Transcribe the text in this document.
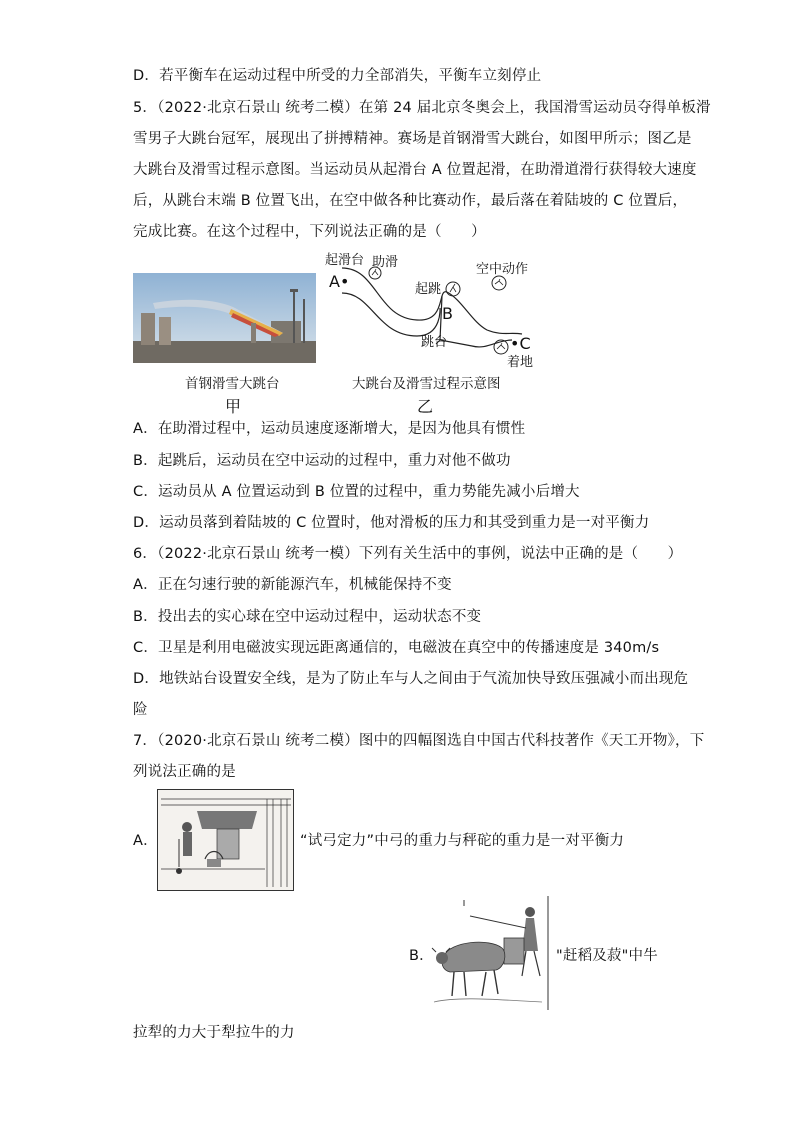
D．若平衡车在运动过程中所受的力全部消失，平衡车立刻停止
5．（2022·北京石景山 统考二模）在第 24 届北京冬奥会上，我国滑雪运动员夺得单板滑
雪男子大跳台冠军，展现出了拼搏精神。赛场是首钢滑雪大跳台，如图甲所示；图乙是
大跳台及滑雪过程示意图。当运动员从起滑台 A 位置起滑，在助滑道滑行获得较大速度
后，从跳台末端 B 位置飞出，在空中做各种比赛动作，最后落在着陆坡的 C 位置后，
完成比赛。在这个过程中，下列说法正确的是（　　）
首钢滑雪大跳台
甲
起滑台 助滑
A•	起跳
空中动作
B
跳台	•C
着地
大跳台及滑雪过程示意图
乙
A．在助滑过程中，运动员速度逐渐增大，是因为他具有惯性
B．起跳后，运动员在空中运动的过程中，重力对他不做功
C．运动员从 A 位置运动到 B 位置的过程中，重力势能先减小后增大
D．运动员落到着陆坡的 C 位置时，他对滑板的压力和其受到重力是一对平衡力
6．（2022·北京石景山 统考一模）下列有关生活中的事例，说法中正确的是（　　）
A．正在匀速行驶的新能源汽车，机械能保持不变
B．投出去的实心球在空中运动过程中，运动状态不变
C．卫星是利用电磁波实现远距离通信的，电磁波在真空中的传播速度是 340m/s
D．地铁站台设置安全线，是为了防止车与人之间由于气流加快导致压强减小而出现危
险
7．（2020·北京石景山 统考二模）图中的四幅图选自中国古代科技著作《天工开物》，下
列说法正确的是
A．	“试弓定力”中弓的重力与秤砣的重力是一对平衡力
B．	"赶稻及菽"中牛
拉犁的力大于犁拉牛的力
